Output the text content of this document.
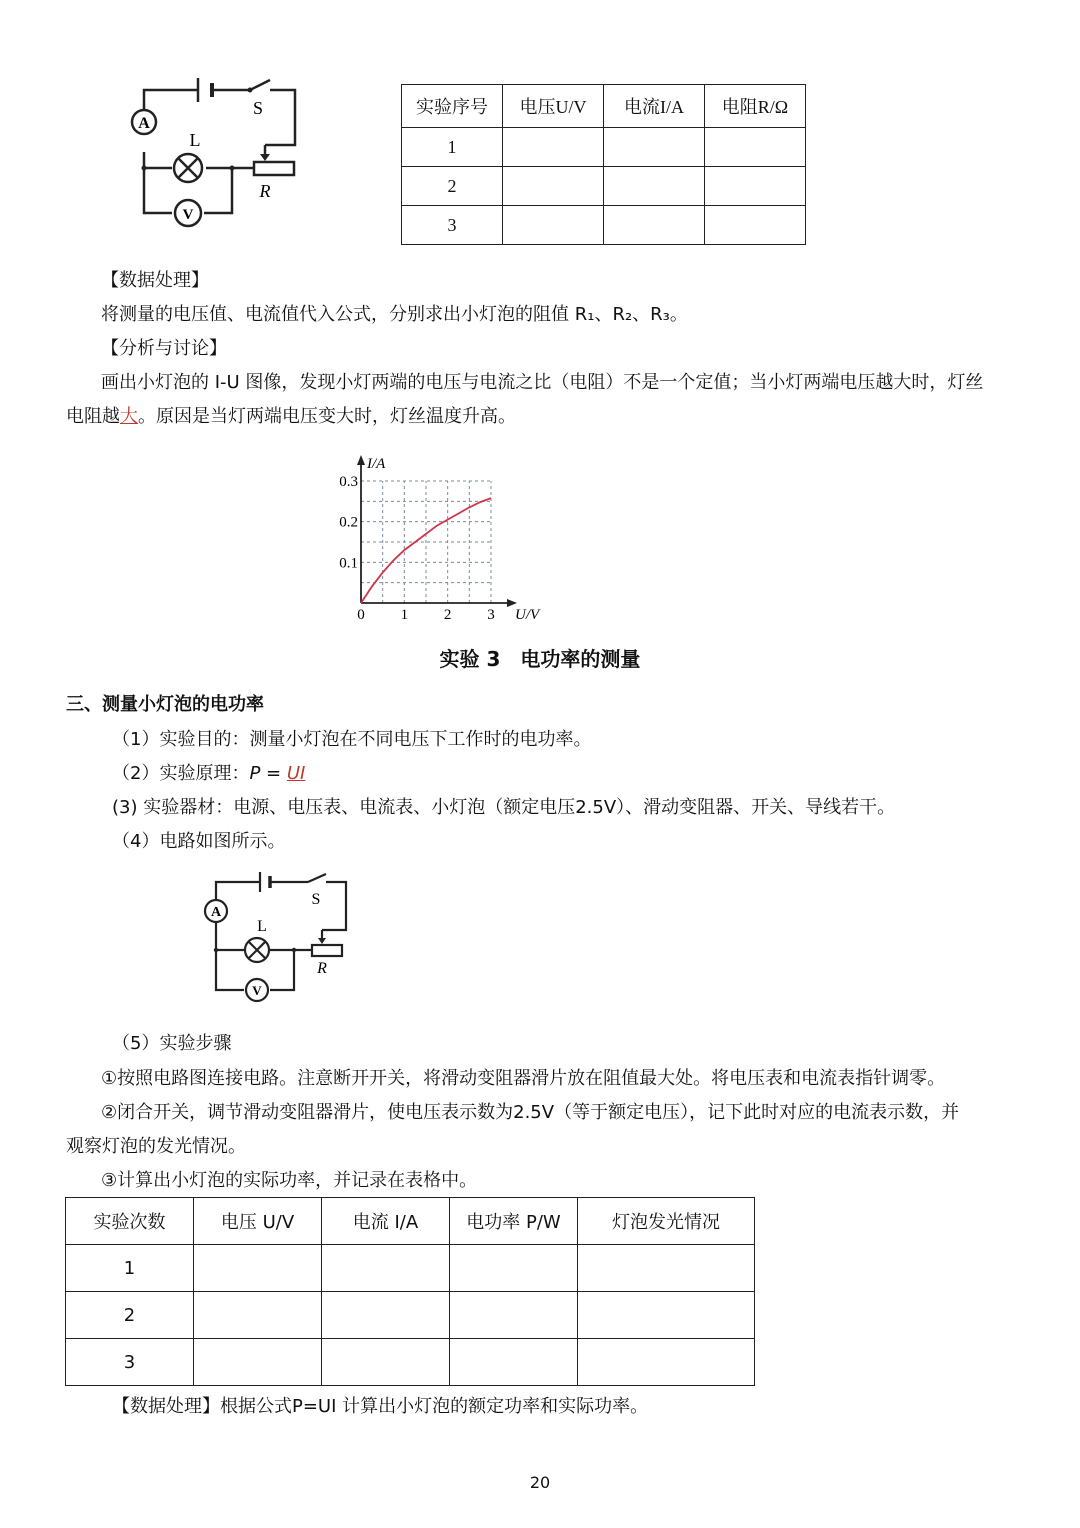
A
S
L
V
R
实验序号	电压U/V	电流I/A	电阻R/Ω
1			
2			
3			
【数据处理】
将测量的电压值、电流值代入公式，分别求出小灯泡的阻值 R₁、R₂、R₃。
【分析与讨论】
画出小灯泡的 I-U 图像，发现小灯两端的电压与电流之比（电阻）不是一个定值；当小灯两端电压越大时，灯丝
电阻越大。原因是当灯两端电压变大时，灯丝温度升高。
0 1 2 3
0.1
0.2
0.3
I/A
U/V
实验 3　电功率的测量
三、测量小灯泡的电功率
（1）实验目的：测量小灯泡在不同电压下工作时的电功率。
（2）实验原理：P = UI
(3) 实验器材：电源、电压表、电流表、小灯泡（额定电压2.5V）、滑动变阻器、开关、导线若干。
（4）电路如图所示。
A
S
L
V
R
（5）实验步骤
①按照电路图连接电路。注意断开开关，将滑动变阻器滑片放在阻值最大处。将电压表和电流表指针调零。
②闭合开关，调节滑动变阻器滑片，使电压表示数为2.5V（等于额定电压），记下此时对应的电流表示数，并
观察灯泡的发光情况。
③计算出小灯泡的实际功率，并记录在表格中。
实验次数	电压 U/V	电流 I/A	电功率 P/W	灯泡发光情况
1				
2				
3				
【数据处理】根据公式P=UI 计算出小灯泡的额定功率和实际功率。
20
